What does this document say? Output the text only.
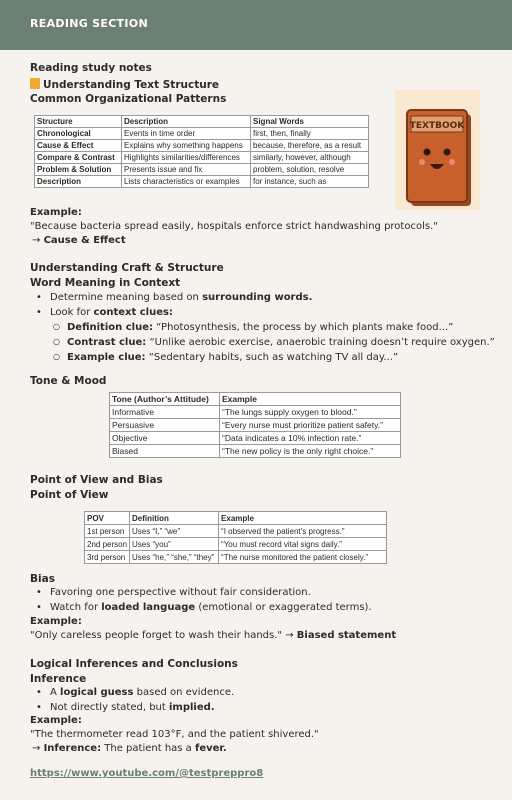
READING SECTION
Reading study notes
Understanding Text Structure
Common Organizational Patterns
Structure	Description	Signal Words
Chronological	Events in time order	first, then, finally
Cause & Effect	Explains why something happens	because, therefore, as a result
Compare & Contrast	Highlights similarities/differences	similarly, however, although
Problem & Solution	Presents issue and fix	problem, solution, resolve
Description	Lists characteristics or examples	for instance, such as
TEXTBOOK
Example:
"Because bacteria spread easily, hospitals enforce strict handwashing protocols."
→ Cause & Effect
Understanding Craft & Structure
Word Meaning in Context
• Determine meaning based on surrounding words.
• Look for context clues:
○ Definition clue: “Photosynthesis, the process by which plants make food...”
○ Contrast clue: “Unlike aerobic exercise, anaerobic training doesn’t require oxygen.”
○ Example clue: “Sedentary habits, such as watching TV all day...”
Tone & Mood
Tone (Author’s Attitude)	Example
Informative	“The lungs supply oxygen to blood.”
Persuasive	“Every nurse must prioritize patient safety.”
Objective	“Data indicates a 10% infection rate.”
Biased	“The new policy is the only right choice.”
Point of View and Bias
Point of View
POV	Definition	Example
1st person	Uses “I,” “we”	“I observed the patient’s progress.”
2nd person	Uses “you”	“You must record vital signs daily.”
3rd person	Uses “he,” “she,” “they”	“The nurse monitored the patient closely.”
Bias
• Favoring one perspective without fair consideration.
• Watch for loaded language (emotional or exaggerated terms).
Example:
"Only careless people forget to wash their hands." → Biased statement
Logical Inferences and Conclusions
Inference
• A logical guess based on evidence.
• Not directly stated, but implied.
Example:
"The thermometer read 103°F, and the patient shivered."
→ Inference: The patient has a fever.
https://www.youtube.com/@testpreppro8
